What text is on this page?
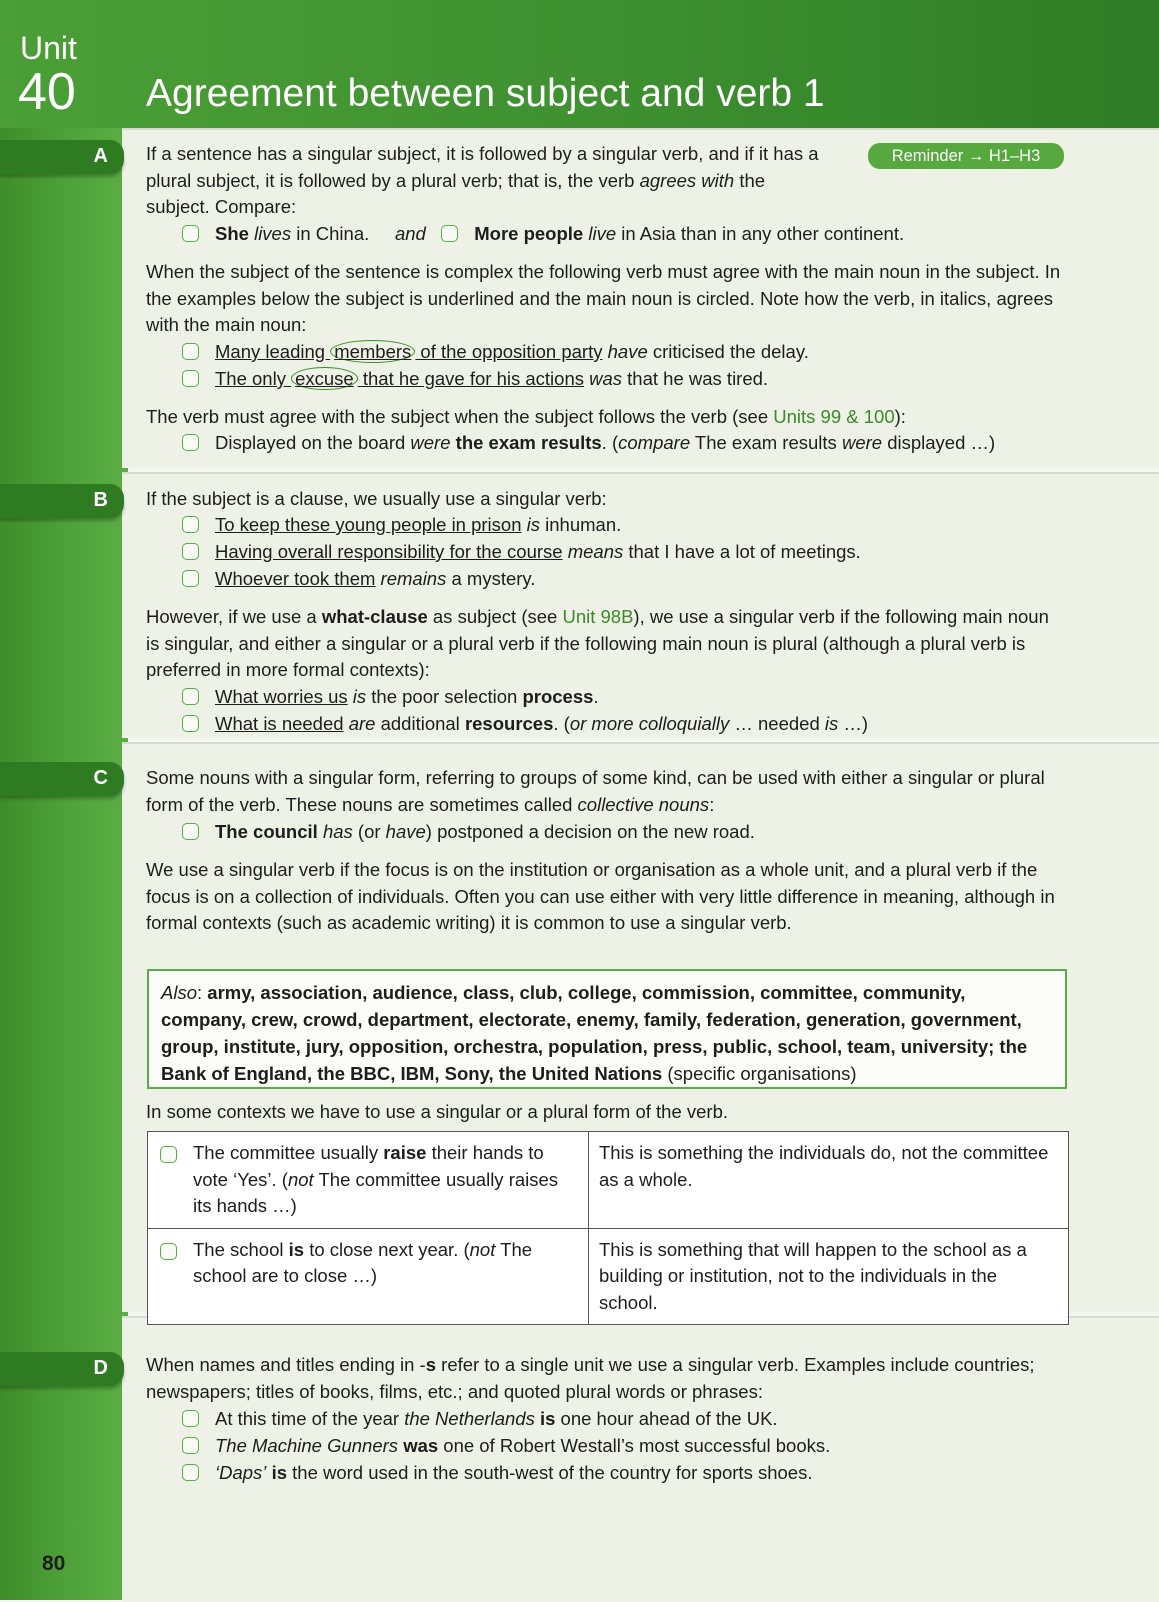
Unit
40 Agreement between subject and verb 1
A	Reminder → H1–H3
If a sentence has a singular subject, it is followed by a singular verb, and if it has a plural subject, it is followed by a plural verb; that is, the verb agrees with the subject. Compare:
She lives in China. and	More people live in Asia than in any other continent.
When the subject of the sentence is complex the following verb must agree with the main noun in the subject. In the examples below the subject is underlined and the main noun is circled. Note how the verb, in italics, agrees with the main noun:
Many leading members of the opposition party have criticised the delay.
The only excuse that he gave for his actions was that he was tired.
The verb must agree with the subject when the subject follows the verb (see Units 99 & 100):
Displayed on the board were the exam results. (compare The exam results were displayed …)
B If the subject is a clause, we usually use a singular verb:
To keep these young people in prison is inhuman.
Having overall responsibility for the course means that I have a lot of meetings.
Whoever took them remains a mystery.
However, if we use a what-clause as subject (see Unit 98B), we use a singular verb if the following main noun is singular, and either a singular or a plural verb if the following main noun is plural (although a plural verb is preferred in more formal contexts):
What worries us is the poor selection process.
What is needed are additional resources. (or more colloquially … needed is …)
C Some nouns with a singular form, referring to groups of some kind, can be used with either a singular or plural form of the verb. These nouns are sometimes called collective nouns:
The council has (or have) postponed a decision on the new road.
We use a singular verb if the focus is on the institution or organisation as a whole unit, and a plural verb if the focus is on a collection of individuals. Often you can use either with very little difference in meaning, although in formal contexts (such as academic writing) it is common to use a singular verb.
Also: army, association, audience, class, club, college, commission, committee, community, company, crew, crowd, department, electorate, enemy, family, federation, generation, government, group, institute, jury, opposition, orchestra, population, press, public, school, team, university; the Bank of England, the BBC, IBM, Sony, the United Nations (specific organisations)
In some contexts we have to use a singular or a plural form of the verb.
The committee usually raise their hands to vote ‘Yes’. (not The committee usually raises its hands …)	This is something the individuals do, not the committee as a whole.

The school is to close next year. (not The school are to close …)	This is something that will happen to the school as a building or institution, not to the individuals in the school.
D When names and titles ending in -s refer to a single unit we use a singular verb. Examples include countries; newspapers; titles of books, films, etc.; and quoted plural words or phrases:
At this time of the year the Netherlands is one hour ahead of the UK.
The Machine Gunners was one of Robert Westall’s most successful books.
‘Daps’ is the word used in the south-west of the country for sports shoes.
80
